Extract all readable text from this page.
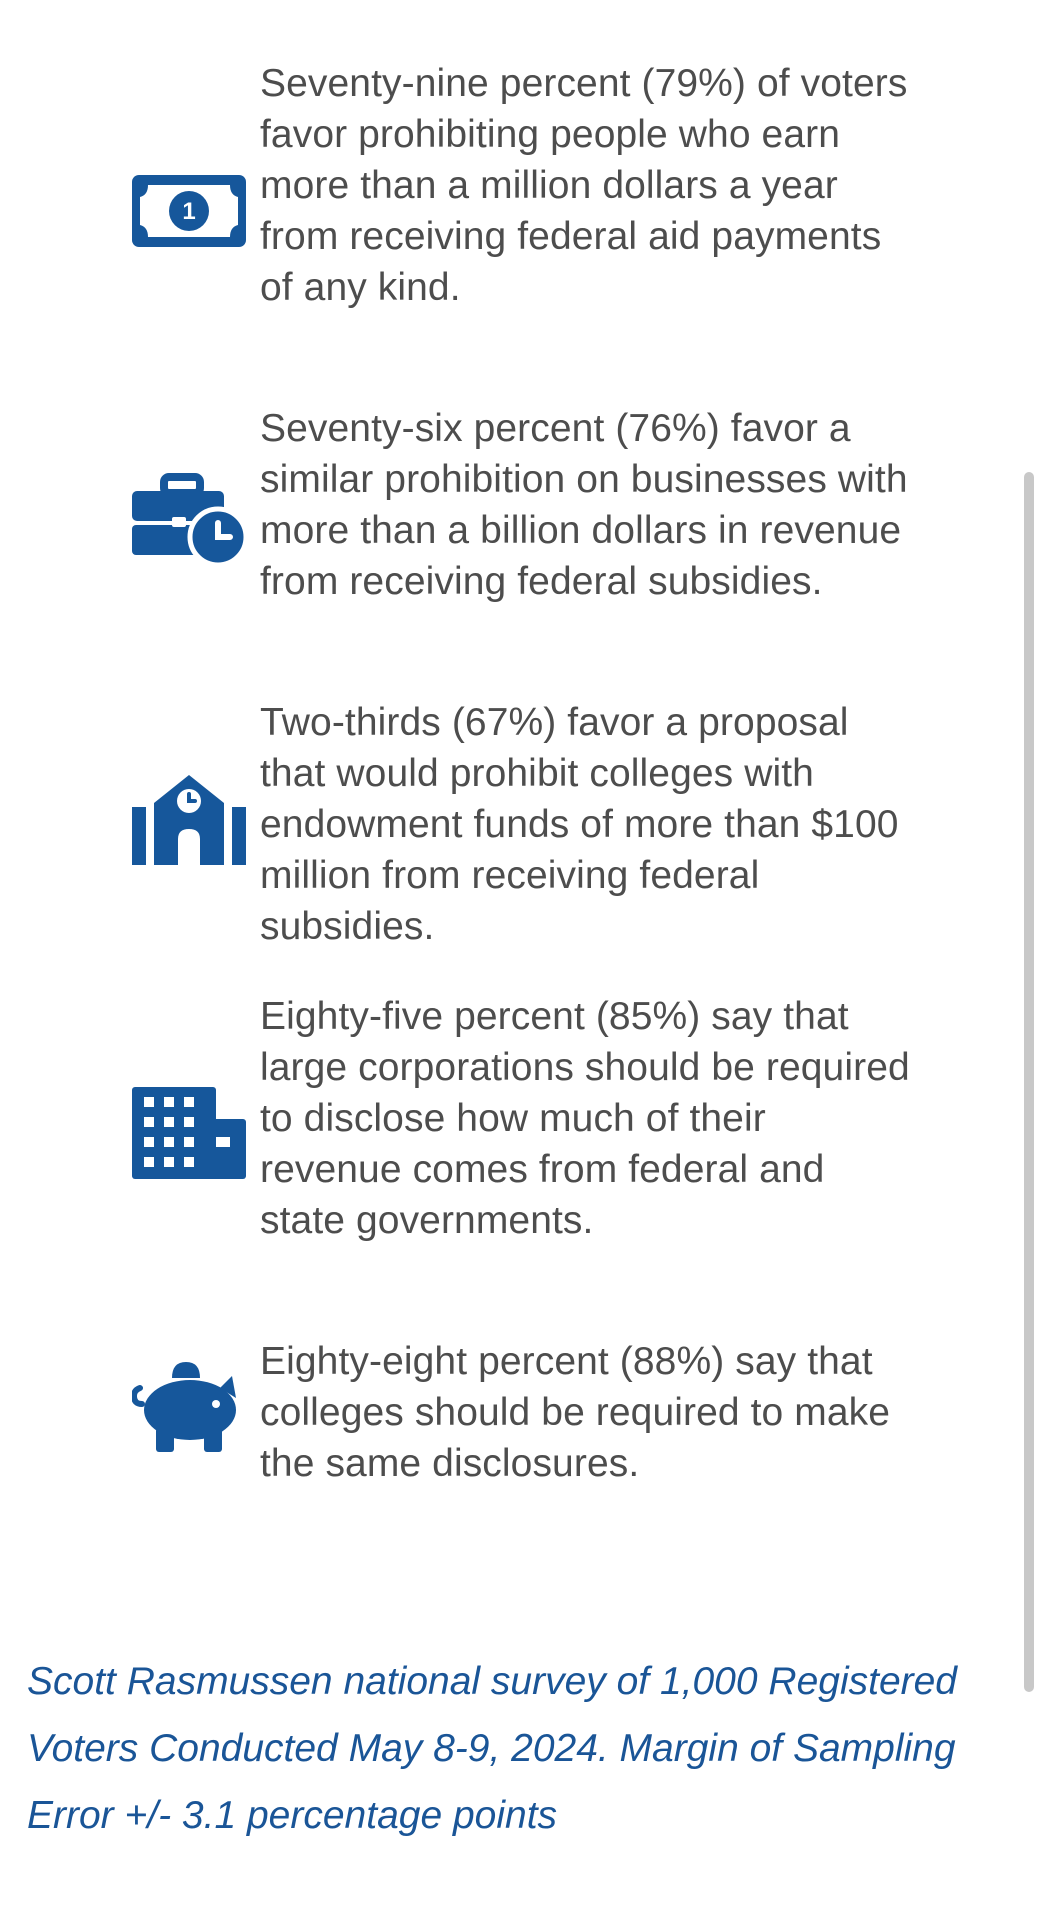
1
Seventy-nine percent (79%) of voters favor prohibiting people who earn more than a million dollars a year from receiving federal aid payments of any kind.
Seventy-six percent (76%) favor a similar prohibition on businesses with more than a billion dollars in revenue from receiving federal subsidies.
Two-thirds (67%) favor a proposal that would prohibit colleges with endowment funds of more than $100 million from receiving federal subsidies.
Eighty-five percent (85%) say that large corporations should be required to disclose how much of their revenue comes from federal and state governments.
Eighty-eight percent (88%) say that colleges should be required to make the same disclosures.
Scott Rasmussen national survey of 1,000 Registered Voters Conducted May 8-9, 2024. Margin of Sampling Error +/- 3.1 percentage points
